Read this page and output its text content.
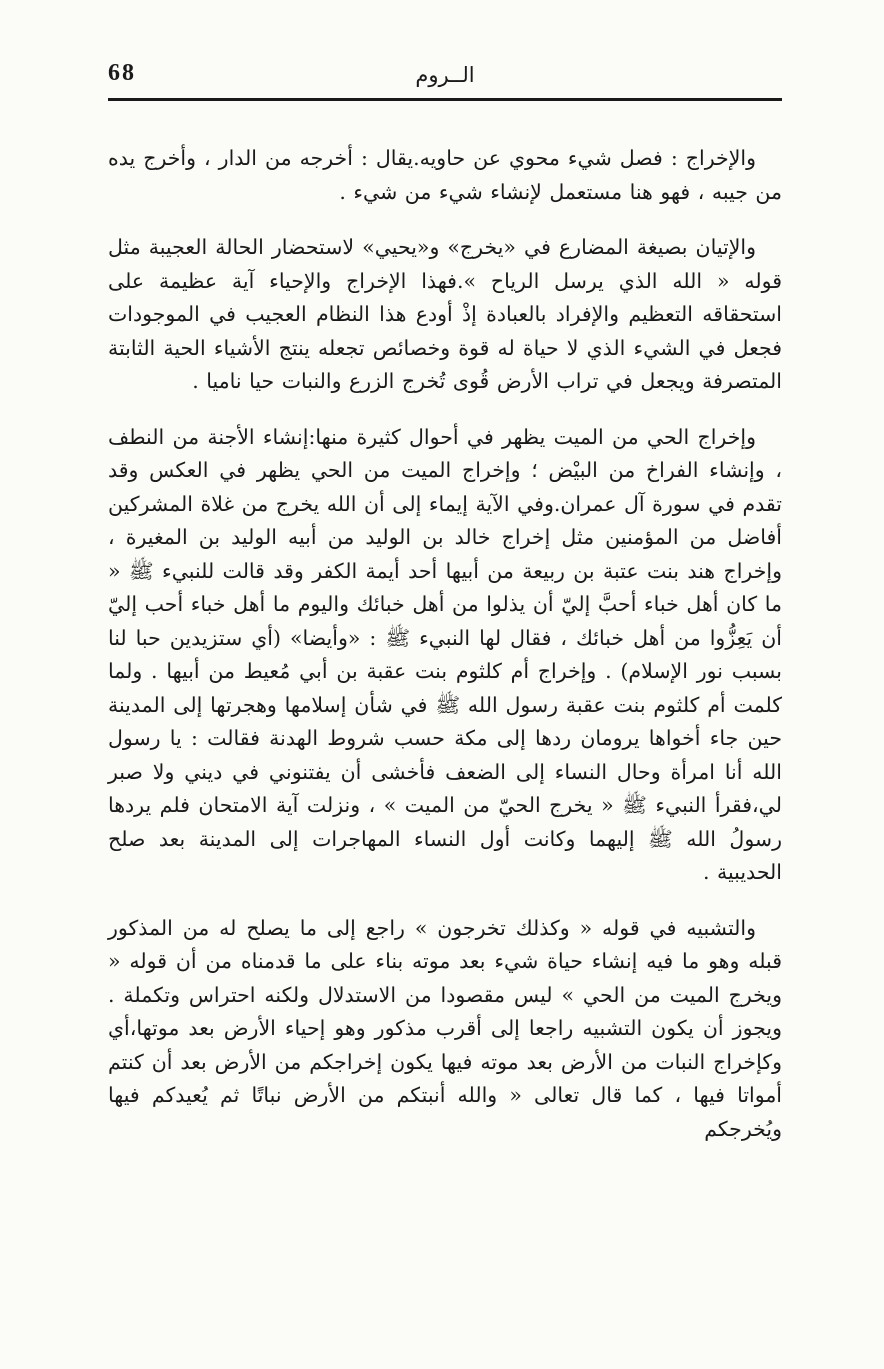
68	الــروم

والإخراج : فصل شيء محوي عن حاويه.يقال : أخرجه من الدار ، وأخرج يده من جيبه ، فهو هنا مستعمل لإنشاء شيء من شيء .

والإتيان بصيغة المضارع في «يخرج» و«يحيي» لاستحضار الحالة العجيبة مثل قوله « الله الذي يرسل الرياح ».فهذا الإخراج والإحياء آية عظيمة على استحقاقه التعظيم والإفراد بالعبادة إذْ أودع هذا النظام العجيب في الموجودات فجعل في الشيء الذي لا حياة له قوة وخصائص تجعله ينتج الأشياء الحية الثابتة المتصرفة ويجعل في تراب الأرض قُوى تُخرج الزرع والنبات حيا ناميا .

وإخراج الحي من الميت يظهر في أحوال كثيرة منها:إنشاء الأجنة من النطف ، وإنشاء الفراخ من البيْض ؛ وإخراج الميت من الحي يظهر في العكس وقد تقدم في سورة آل عمران.وفي الآية إيماء إلى أن الله يخرج من غلاة المشركين أفاضل من المؤمنين مثل إخراج خالد بن الوليد من أبيه الوليد بن المغيرة ، وإخراج هند بنت عتبة بن ربيعة من أبيها أحد أيمة الكفر وقد قالت للنبيء ﷺ « ما كان أهل خباء أحبَّ إليّ أن يذلوا من أهل خبائك واليوم ما أهل خباء أحب إليّ أن يَعِزُّوا من أهل خبائك ، فقال لها النبيء ﷺ : «وأيضا» (أي ستزيدين حبا لنا بسبب نور الإسلام) . وإخراج أم كلثوم بنت عقبة بن أبي مُعيط من أبيها . ولما كلمت أم كلثوم بنت عقبة رسول الله ﷺ في شأن إسلامها وهجرتها إلى المدينة حين جاء أخواها يرومان ردها إلى مكة حسب شروط الهدنة فقالت : يا رسول الله أنا امرأة وحال النساء إلى الضعف فأخشى أن يفتنوني في ديني ولا صبر لي،فقرأ النبيء ﷺ « يخرج الحيّ من الميت » ، ونزلت آية الامتحان فلم يردها رسولُ الله ﷺ إليهما وكانت أول النساء المهاجرات إلى المدينة بعد صلح الحديبية .

والتشبيه في قوله « وكذلك تخرجون » راجع إلى ما يصلح له من المذكور قبله وهو ما فيه إنشاء حياة شيء بعد موته بناء على ما قدمناه من أن قوله « ويخرج الميت من الحي » ليس مقصودا من الاستدلال ولكنه احتراس وتكملة . ويجوز أن يكون التشبيه راجعا إلى أقرب مذكور وهو إحياء الأرض بعد موتها،أي وكإخراج النبات من الأرض بعد موته فيها يكون إخراجكم من الأرض بعد أن كنتم أمواتا فيها ، كما قال تعالى « والله أنبتكم من الأرض نباتًا ثم يُعيدكم فيها ويُخرجكم
